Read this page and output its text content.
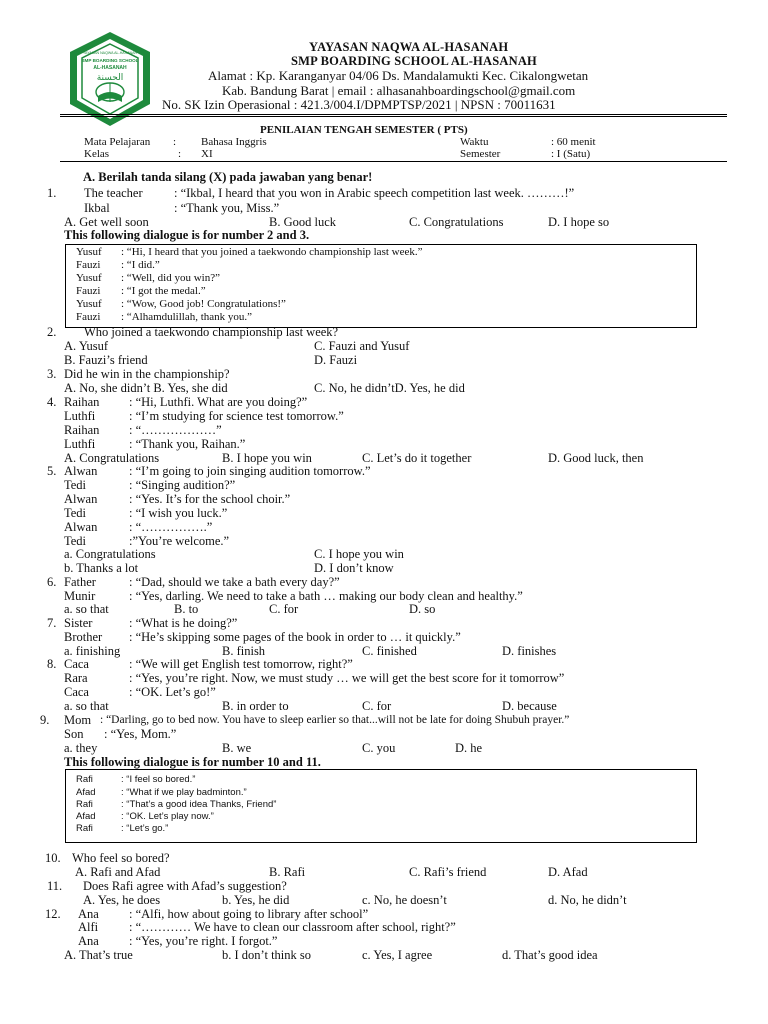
YAYASAN NAQWA AL-HASANAH
SMP BOARDING SCHOOL
AL-HASANAH
الحسنة
YAYASAN NAQWA AL-HASANAH
SMP BOARDING SCHOOL AL-HASANAH
Alamat : Kp. Karanganyar 04/06 Ds. Mandalamukti Kec. Cikalongwetan
Kab. Bandung Barat | email : alhasanahboardingschool@gmail.com
No. SK Izin Operasional : 421.3/004.I/DPMPTSP/2021 | NPSN : 70011631
PENILAIAN TENGAH SEMESTER ( PTS)
Mata Pelajaran : Bahasa Inggris	Waktu	: 60 menit
Kelas	: XI	Semester	: I (Satu)
A. Berilah tanda silang (X) pada jawaban yang benar!
1. The teacher	: “Ikbal, I heard that you won in Arabic speech competition last week. ………!”
Ikbal	: “Thank you, Miss.”
A. Get well soon	B. Good luck	C. Congratulations	D. I hope so
This following dialogue is for number 2 and 3.
Yusuf : “Hi, I heard that you joined a taekwondo championship last week.”
Fauzi : “I did.”
Yusuf : “Well, did you win?”
Fauzi : “I got the medal.”
Yusuf : “Wow, Good job! Congratulations!”
Fauzi : “Alhamdulillah, thank you.”
2. Who joined a taekwondo championship last week?
A. Yusuf	C. Fauzi and Yusuf
B. Fauzi’s friend	D. Fauzi
3. Did he win in the championship?
A. No, she didn’t B. Yes, she did	C. No, he didn’tD. Yes, he did
4. Raihan : “Hi, Luthfi. What are you doing?”
Luthfi	: “I’m studying for science test tomorrow.”
Raihan : “………………”
Luthfi	: “Thank you, Raihan.”
A. Congratulations	B. I hope you win	C. Let’s do it together	D. Good luck, then
5. Alwan	: “I’m going to join singing audition tomorrow.”
Tedi	: “Singing audition?”
Alwan	: “Yes. It’s for the school choir.”
Tedi	: “I wish you luck.”
Alwan	: “…………….”
Tedi	:”You’re welcome.”
a. Congratulations	C. I hope you win
b. Thanks a lot	D. I don’t know
6. Father	: “Dad, should we take a bath every day?”
Munir	: “Yes, darling. We need to take a bath … making our body clean and healthy.”
a. so that	B. to	C. for	D. so
7. Sister	: “What is he doing?”
Brother : “He’s skipping some pages of the book in order to … it quickly.”
a. finishing	B. finish	C. finished	D. finishes
8. Caca	: “We will get English test tomorrow, right?”
Rara	: “Yes, you’re right. Now, we must study … we will get the best score for it tomorrow”
Caca	: “OK. Let’s go!”
a. so that	B. in order to	C. for	D. because
9. Mom : “Darling, go to bed now. You have to sleep earlier so that...will not be late for doing Shubuh prayer.”
Son : “Yes, Mom.”
a. they	B. we	C. you	D. he
This following dialogue is for number 10 and 11.
Rafi	: “I feel so bored.”
Afad	: “What if we play badminton.”
Rafi	: “That’s a good idea Thanks, Friend”
Afad	: “OK. Let’s play now.”
Rafi	: “Let’s go.”
10. Who feel so bored?
A. Rafi and Afad	B. Rafi	C. Rafi’s friend	D. Afad
11. Does Rafi agree with Afad’s suggestion?
A. Yes, he does	b. Yes, he did	c. No, he doesn’t	d. No, he didn’t
12. Ana : “Alfi, how about going to library after school”
Alfi : “………… We have to clean our classroom after school, right?”
Ana : “Yes, you’re right. I forgot.”
A. That’s true	b. I don’t think so	c. Yes, I agree	d. That’s good idea
